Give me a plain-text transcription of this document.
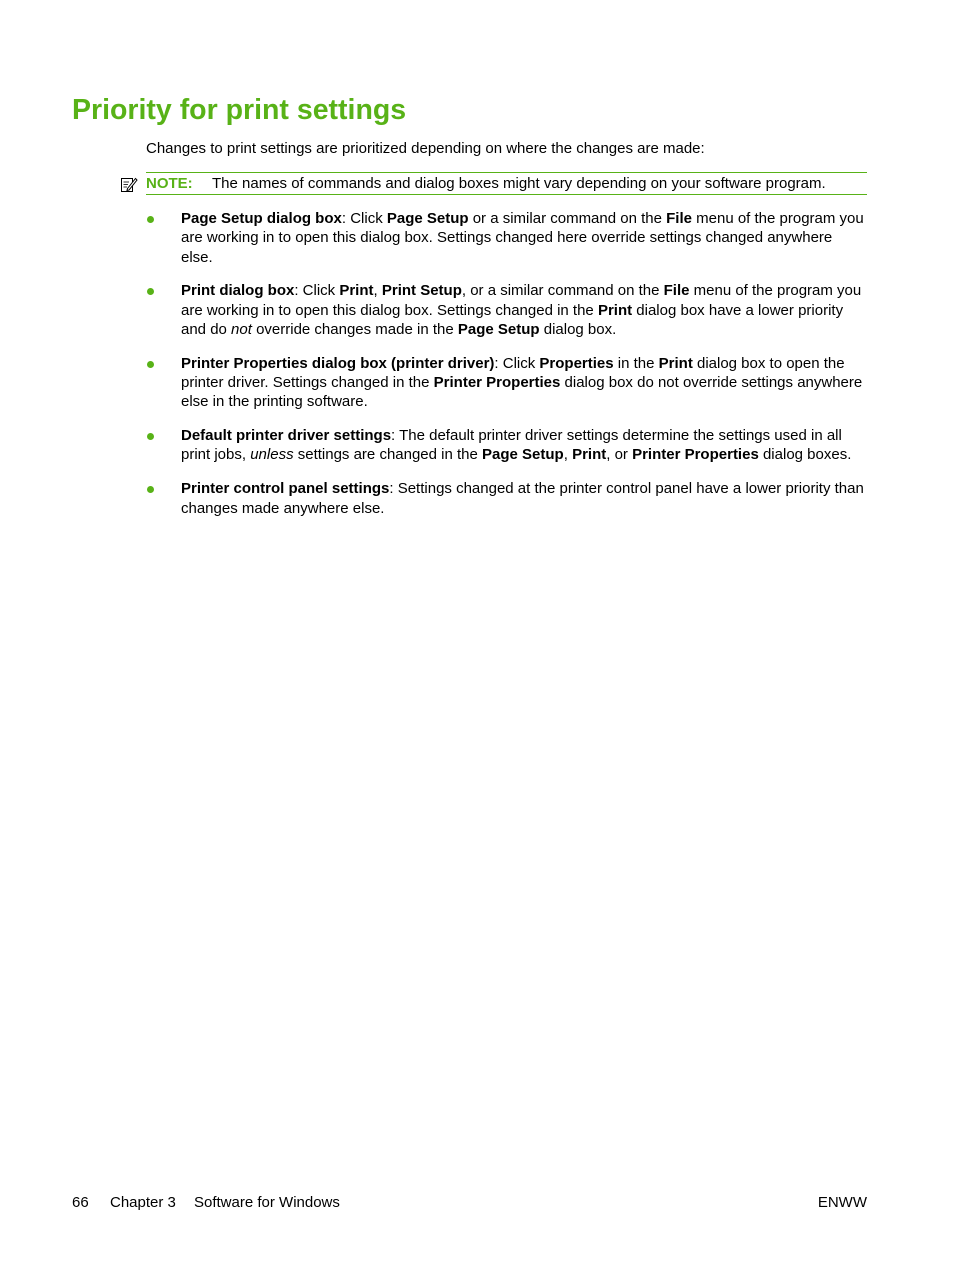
Priority for print settings

Changes to print settings are prioritized depending on where the changes are made:

NOTE: The names of commands and dialog boxes might vary depending on your software program.
Page Setup dialog box: Click Page Setup or a similar command on the File menu of the program you are working in to open this dialog box. Settings changed here override settings changed anywhere else.
Print dialog box: Click Print, Print Setup, or a similar command on the File menu of the program you are working in to open this dialog box. Settings changed in the Print dialog box have a lower priority and do not override changes made in the Page Setup dialog box.
Printer Properties dialog box (printer driver): Click Properties in the Print dialog box to open the printer driver. Settings changed in the Printer Properties dialog box do not override settings anywhere else in the printing software.
Default printer driver settings: The default printer driver settings determine the settings used in all print jobs, unless settings are changed in the Page Setup, Print, or Printer Properties dialog boxes.
Printer control panel settings: Settings changed at the printer control panel have a lower priority than changes made anywhere else.
66 Chapter 3 Software for Windows	ENWW
